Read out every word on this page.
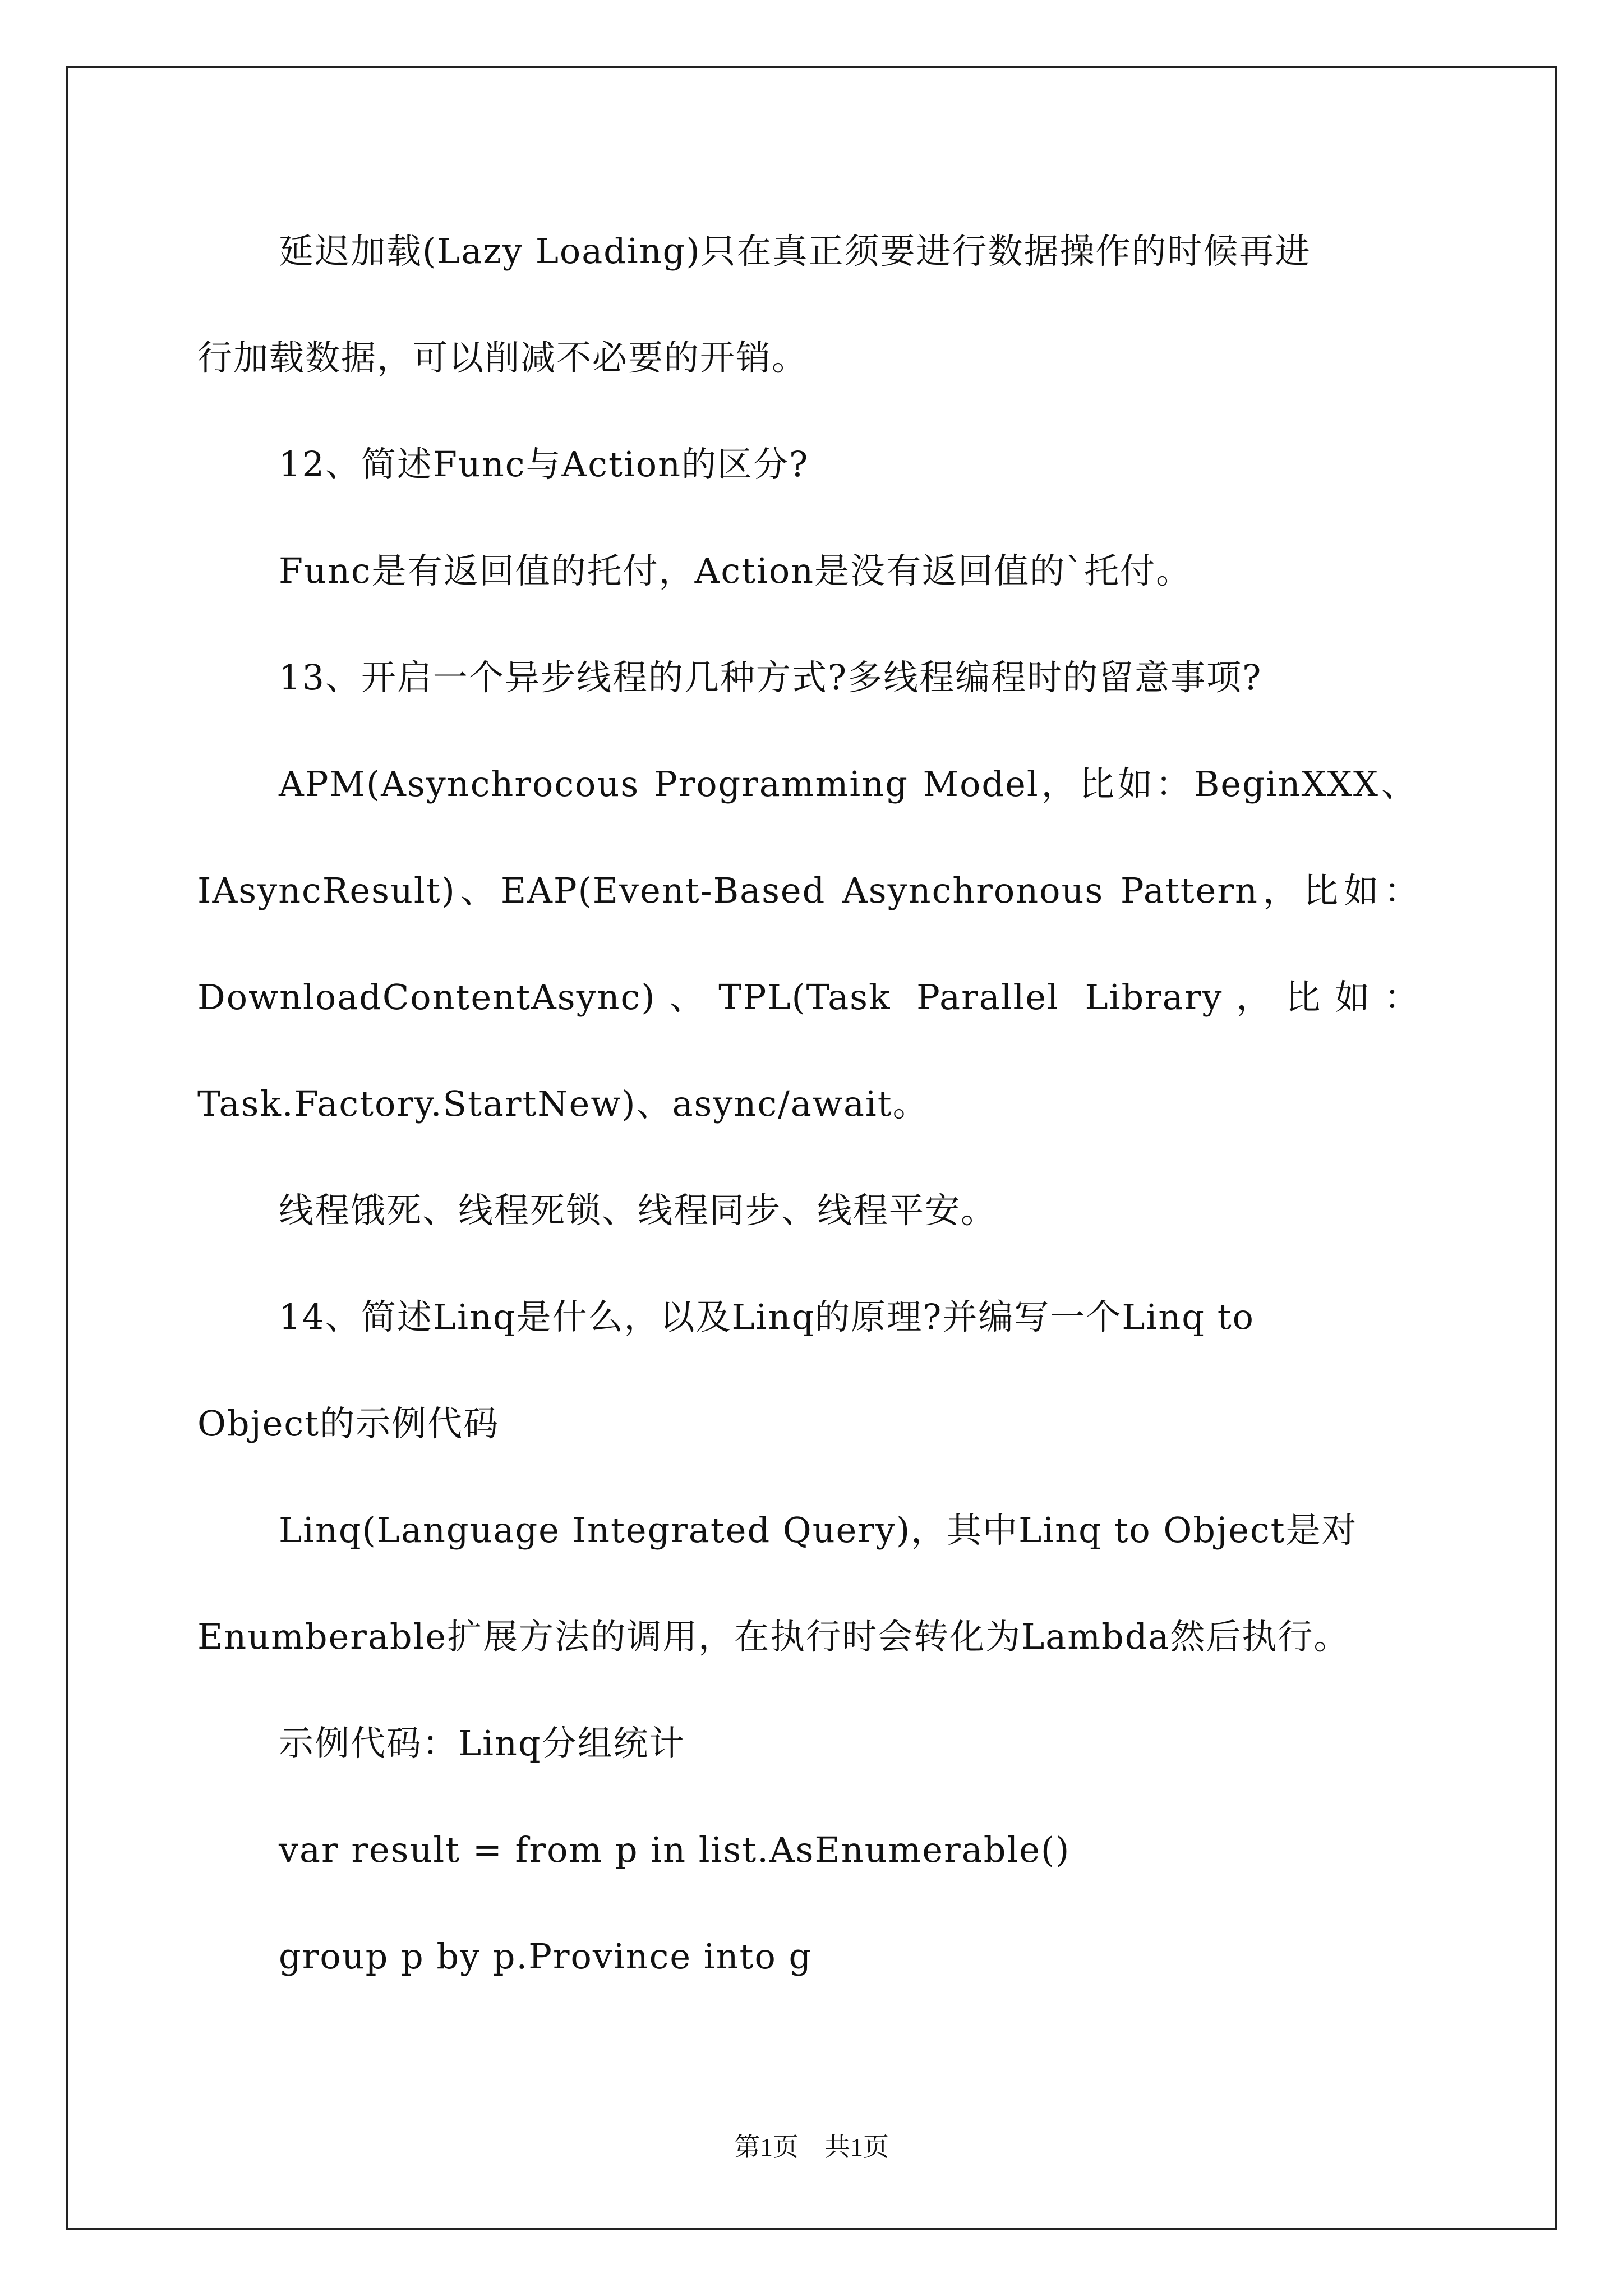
延迟加载(Lazy Loading)只在真正须要进行数据操作的时候再进
行加载数据，可以削减不必要的开销。
12、简述Func与Action的区分?
Func是有返回值的托付，Action是没有返回值的`托付。
13、开启一个异步线程的几种方式?多线程编程时的留意事项?
APM(Asynchrocous Programming Model，比如：BeginXXX、
IAsyncResult)、EAP(Event-Based Asynchronous Pattern，比如：
DownloadContentAsync)、TPL(Task Parallel Library，比如：
Task.Factory.StartNew)、async/await。
线程饿死、线程死锁、线程同步、线程平安。
14、简述Linq是什么，以及Linq的原理?并编写一个Linq to
Object的示例代码
Linq(Language Integrated Query)，其中Linq to Object是对
Enumberable扩展方法的调用，在执行时会转化为Lambda然后执行。
示例代码：Linq分组统计
var result = from p in list.AsEnumerable()
group p by p.Province into g
第1页　共1页
